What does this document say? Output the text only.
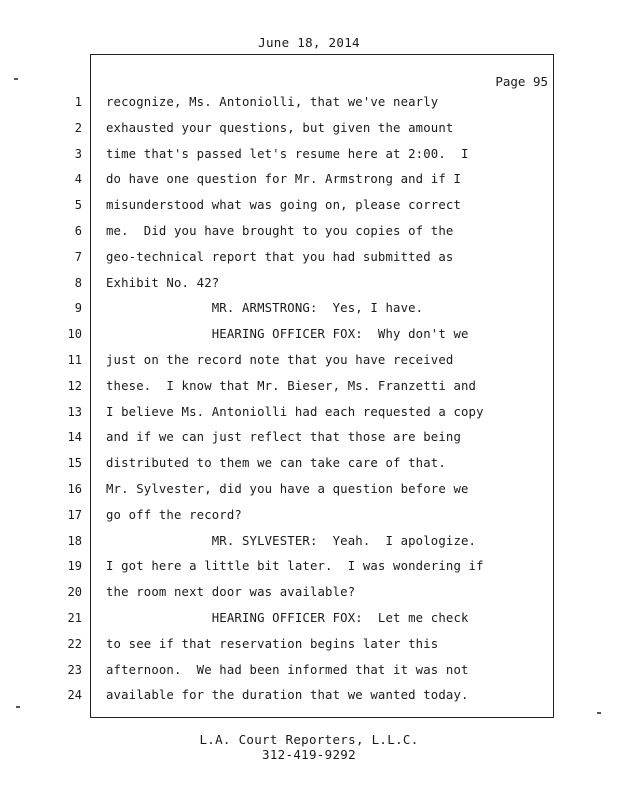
June 18, 2014
Page 95
1 recognize, Ms. Antoniolli, that we've nearly
2 exhausted your questions, but given the amount
3 time that's passed let's resume here at 2:00.  I
4 do have one question for Mr. Armstrong and if I
5 misunderstood what was going on, please correct
6 me.  Did you have brought to you copies of the
7 geo-technical report that you had submitted as
8 Exhibit No. 42?
9 MR. ARMSTRONG:  Yes, I have.
10 HEARING OFFICER FOX:  Why don't we
11 just on the record note that you have received
12 these.  I know that Mr. Bieser, Ms. Franzetti and
13 I believe Ms. Antoniolli had each requested a copy
14 and if we can just reflect that those are being
15 distributed to them we can take care of that.
16 Mr. Sylvester, did you have a question before we
17 go off the record?
18 MR. SYLVESTER:  Yeah.  I apologize.
19 I got here a little bit later.  I was wondering if
20 the room next door was available?
21 HEARING OFFICER FOX:  Let me check
22 to see if that reservation begins later this
23 afternoon.  We had been informed that it was not
24 available for the duration that we wanted today.
L.A. Court Reporters, L.L.C.
312-419-9292
